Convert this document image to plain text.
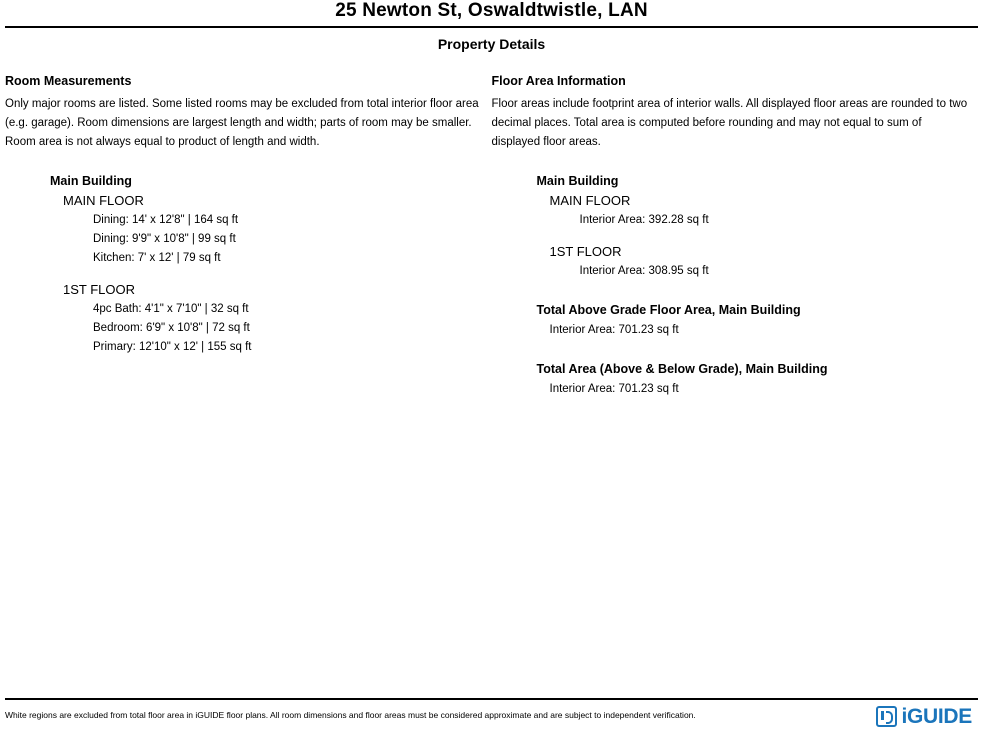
25 Newton St, Oswaldtwistle, LAN
Property Details
Room Measurements
Only major rooms are listed. Some listed rooms may be excluded from total interior floor area (e.g. garage). Room dimensions are largest length and width; parts of room may be smaller. Room area is not always equal to product of length and width.
Main Building
MAIN FLOOR
Dining: 14' x 12'8" | 164 sq ft
Dining: 9'9" x 10'8" | 99 sq ft
Kitchen: 7' x 12' | 79 sq ft
1ST FLOOR
4pc Bath: 4'1" x 7'10" | 32 sq ft
Bedroom: 6'9" x 10'8" | 72 sq ft
Primary: 12'10" x 12' | 155 sq ft
Floor Area Information
Floor areas include footprint area of interior walls. All displayed floor areas are rounded to two decimal places. Total area is computed before rounding and may not equal to sum of displayed floor areas.
Main Building
MAIN FLOOR
Interior Area: 392.28 sq ft
1ST FLOOR
Interior Area: 308.95 sq ft
Total Above Grade Floor Area, Main Building
Interior Area: 701.23 sq ft
Total Area (Above & Below Grade), Main Building
Interior Area: 701.23 sq ft
White regions are excluded from total floor area in iGUIDE floor plans. All room dimensions and floor areas must be considered approximate and are subject to independent verification.	iGUIDE
